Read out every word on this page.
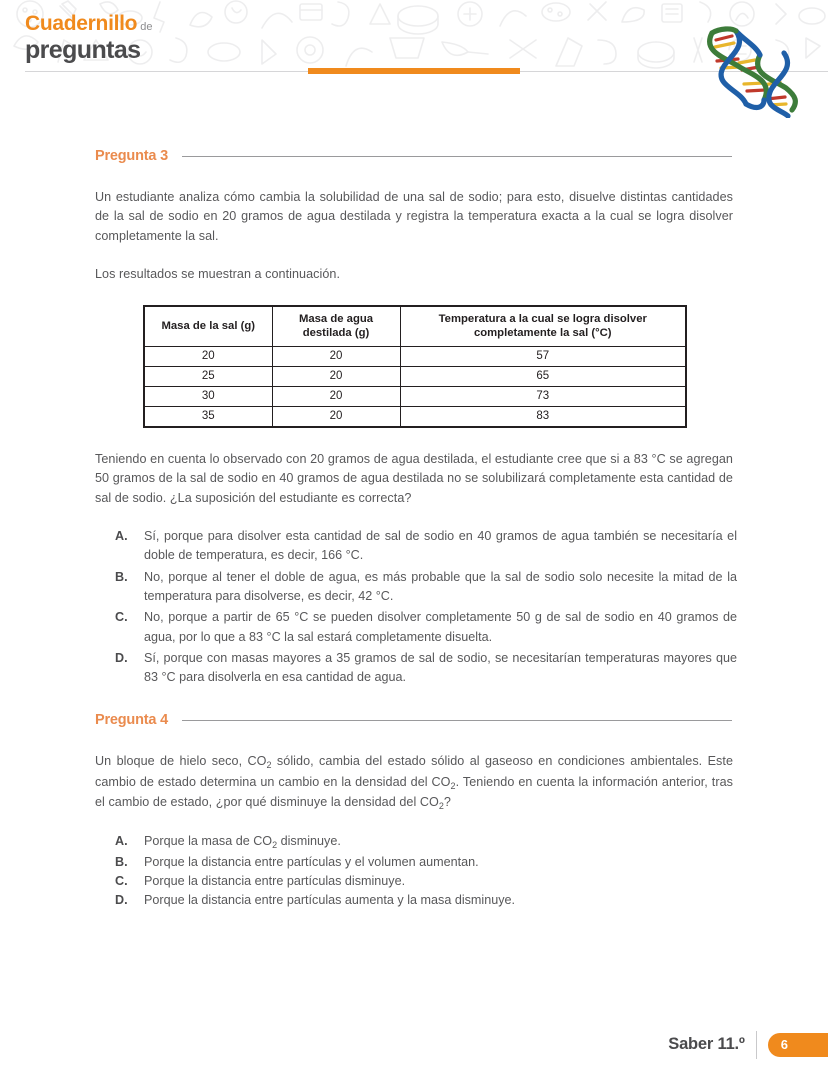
Cuadernillo de
preguntas
Pregunta 3

Un estudiante analiza cómo cambia la solubilidad de una sal de sodio; para esto, disuelve distintas cantidades de la sal de sodio en 20 gramos de agua destilada y registra la temperatura exacta a la cual se logra disolver completamente la sal.

Los resultados se muestran a continuación.

Masa de la sal (g)	Masa de agua destilada (g)	Temperatura a la cual se logra disolver completamente la sal (°C)
20	20	57
25	20	65
30	20	73
35	20	83

Teniendo en cuenta lo observado con 20 gramos de agua destilada, el estudiante cree que si a 83 °C se agregan 50 gramos de la sal de sodio en 40 gramos de agua destilada no se solubilizará completamente esta cantidad de sal de sodio. ¿La suposición del estudiante es correcta?

A.	Sí, porque para disolver esta cantidad de sal de sodio en 40 gramos de agua también se necesitaría el doble de temperatura, es decir, 166 °C.
B.	No, porque al tener el doble de agua, es más probable que la sal de sodio solo necesite la mitad de la temperatura para disolverse, es decir, 42 °C.
C.	No, porque a partir de 65 °C se pueden disolver completamente 50 g de sal de sodio en 40 gramos de agua, por lo que a 83 °C la sal estará completamente disuelta.
D.	Sí, porque con masas mayores a 35 gramos de sal de sodio, se necesitarían temperaturas mayores que 83 °C para disolverla en esa cantidad de agua.
Pregunta 4

Un bloque de hielo seco, $CO_2$ sólido, cambia del estado sólido al gaseoso en condiciones ambientales. Este cambio de estado determina un cambio en la densidad del $CO_2$. Teniendo en cuenta la información anterior, tras el cambio de estado, ¿por qué disminuye la densidad del $CO_2$?

A.	Porque la masa de $CO_2$ disminuye.
B.	Porque la distancia entre partículas y el volumen aumentan.
C.	Porque la distancia entre partículas disminuye.
D.	Porque la distancia entre partículas aumenta y la masa disminuye.
Saber 11.º	6
